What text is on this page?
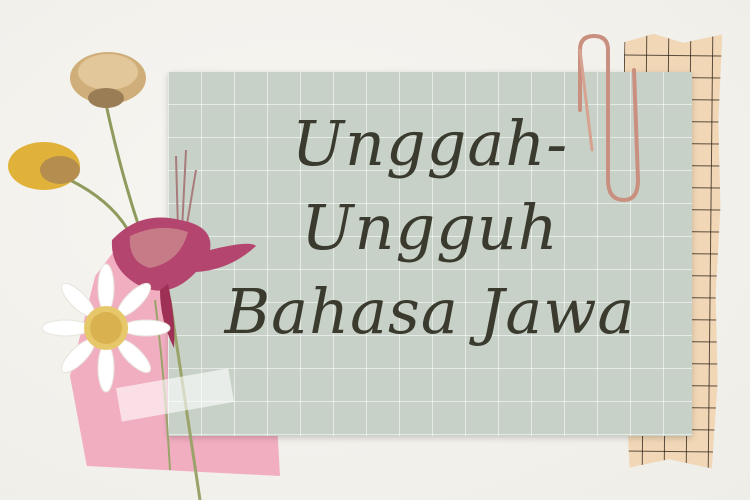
Unggah-
Ungguh
Bahasa Jawa
